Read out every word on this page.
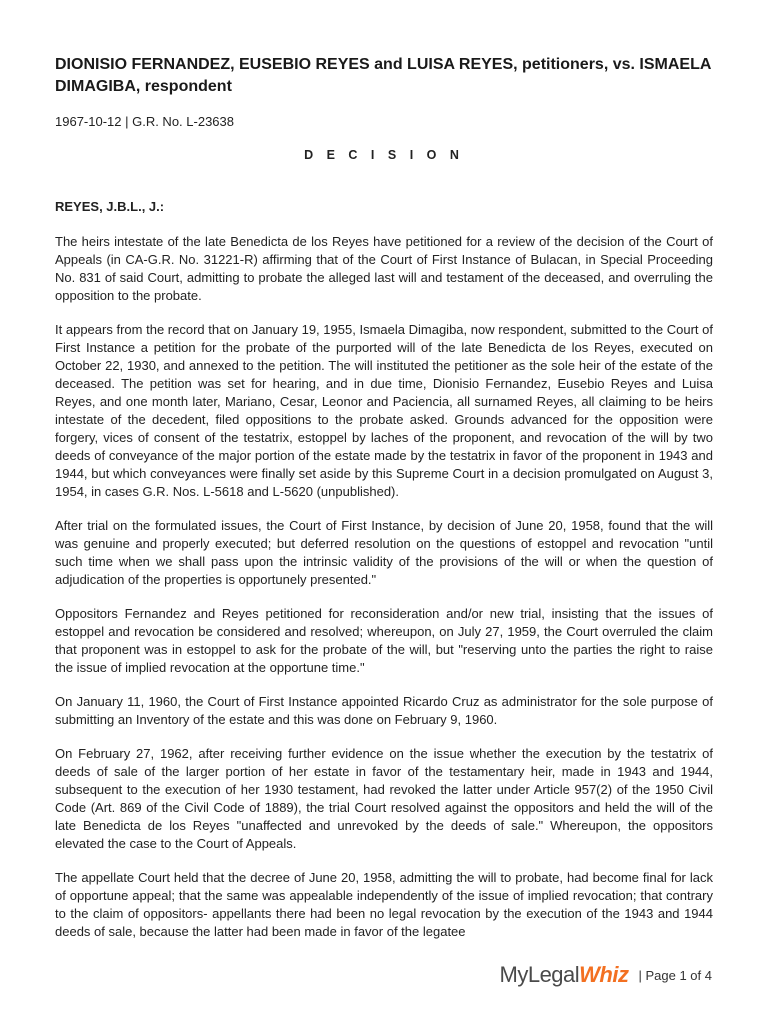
DIONISIO FERNANDEZ, EUSEBIO REYES and LUISA REYES, petitioners, vs. ISMAELA DIMAGIBA, respondent
1967-10-12 | G.R. No. L-23638
D E C I S I O N
REYES, J.B.L., J.:

The heirs intestate of the late Benedicta de los Reyes have petitioned for a review of the decision of the Court of Appeals (in CA-G.R. No. 31221-R) affirming that of the Court of First Instance of Bulacan, in Special Proceeding No. 831 of said Court, admitting to probate the alleged last will and testament of the deceased, and overruling the opposition to the probate.

It appears from the record that on January 19, 1955, Ismaela Dimagiba, now respondent, submitted to the Court of First Instance a petition for the probate of the purported will of the late Benedicta de los Reyes, executed on October 22, 1930, and annexed to the petition. The will instituted the petitioner as the sole heir of the estate of the deceased. The petition was set for hearing, and in due time, Dionisio Fernandez, Eusebio Reyes and Luisa Reyes, and one month later, Mariano, Cesar, Leonor and Paciencia, all surnamed Reyes, all claiming to be heirs intestate of the decedent, filed oppositions to the probate asked. Grounds advanced for the opposition were forgery, vices of consent of the testatrix, estoppel by laches of the proponent, and revocation of the will by two deeds of conveyance of the major portion of the estate made by the testatrix in favor of the proponent in 1943 and 1944, but which conveyances were finally set aside by this Supreme Court in a decision promulgated on August 3, 1954, in cases G.R. Nos. L-5618 and L-5620 (unpublished).

After trial on the formulated issues, the Court of First Instance, by decision of June 20, 1958, found that the will was genuine and properly executed; but deferred resolution on the questions of estoppel and revocation "until such time when we shall pass upon the intrinsic validity of the provisions of the will or when the question of adjudication of the properties is opportunely presented."

Oppositors Fernandez and Reyes petitioned for reconsideration and/or new trial, insisting that the issues of estoppel and revocation be considered and resolved; whereupon, on July 27, 1959, the Court overruled the claim that proponent was in estoppel to ask for the probate of the will, but "reserving unto the parties the right to raise the issue of implied revocation at the opportune time."

On January 11, 1960, the Court of First Instance appointed Ricardo Cruz as administrator for the sole purpose of submitting an Inventory of the estate and this was done on February 9, 1960.

On February 27, 1962, after receiving further evidence on the issue whether the execution by the testatrix of deeds of sale of the larger portion of her estate in favor of the testamentary heir, made in 1943 and 1944, subsequent to the execution of her 1930 testament, had revoked the latter under Article 957(2) of the 1950 Civil Code (Art. 869 of the Civil Code of 1889), the trial Court resolved against the oppositors and held the will of the late Benedicta de los Reyes "unaffected and unrevoked by the deeds of sale." Whereupon, the oppositors elevated the case to the Court of Appeals.

The appellate Court held that the decree of June 20, 1958, admitting the will to probate, had become final for lack of opportune appeal; that the same was appealable independently of the issue of implied revocation; that contrary to the claim of oppositors- appellants there had been no legal revocation by the execution of the 1943 and 1944 deeds of sale, because the latter had been made in favor of the legatee

My Legal Whiz | Page 1 of 4
